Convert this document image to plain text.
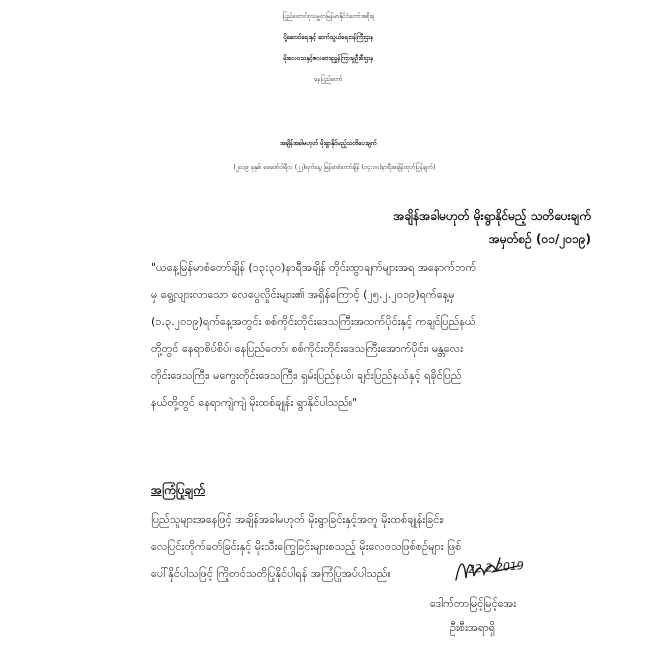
ပြည်ထောင်စုသမ္မတမြန်မာနိုင်ငံတော်အစိုးရ
ပို့ဆောင်ရေးနှင့် ဆက်သွယ်ရေးဝန်ကြီးဌာန
မိုးလေဝသနှင့်ဇလဗေဒညွှန်ကြားမှုဦးစီးဌာန
နေပြည်တော်
အချိန်အခါမဟုတ် မိုးရွာနိုင်မည့်သတိပေးချက်
(၂၀၁၉ ခုနှစ်၊ ဖေဖော်ဝါရီလ (၂၂)ရက်နေ့၊ မြန်မာစံတော်ချိန် (၁၄:၀၀)နာရီအချိန်ထုတ်ပြန်ချက်)
အချိန်အခါမဟုတ် မိုးရွာနိုင်မည့် သတိပေးချက်
အမှတ်စဉ် (၀၁/၂၀၁၉)
"ယနေ့မြန်မာစံတော်ချိန် (၁၃:၃၀)နာရီအချိန် တိုင်းထွာချက်များအရ အနောက်ဘက်
မှ ရွေ့လျားလာသော လေပွေလှိုင်းများ၏ အရှိန်ကြောင့် (၂၅.၂.၂၀၁၉)ရက်နေ့မှ
(၁.၃.၂၀၁၉)ရက်နေ့အတွင်း စစ်ကိုင်းတိုင်းဒေသကြီးအထက်ပိုင်းနှင့် ကချင်ပြည်နယ်
တို့တွင် နေရာစိပ်စိပ်၊ နေပြည်တော်၊ စစ်ကိုင်းတိုင်းဒေသကြီးအောက်ပိုင်း၊ မန္တလေး
တိုင်းဒေသကြီး၊ မကွေးတိုင်းဒေသကြီး၊ ရှမ်းပြည်နယ်၊ ချင်းပြည်နယ်နှင့် ရခိုင်ပြည်
နယ်တို့တွင် နေရာကျဲကျဲ မိုးထစ်ချုန်း ရွာနိုင်ပါသည်။"
အကြံပြုချက်
ပြည်သူများအနေဖြင့် အချိန်အခါမဟုတ် မိုးရွာခြင်းနှင့်အတူ မိုးထစ်ချုန်းခြင်း၊
လေပြင်းတိုက်ခတ်ခြင်းနှင့် မိုးသီးကြွေခြင်းများစသည့် မိုးလေဝသဖြစ်စဉ်များ ဖြစ်
ပေါ်နိုင်ပါသဖြင့် ကြိုတင်သတိပြုနိုင်ပါရန် အကြံပြုအပ်ပါသည်။	22.2.2019
ဒေါက်တာမြင့်မြင့်အေး
ဦးစီးအရာရှိ
